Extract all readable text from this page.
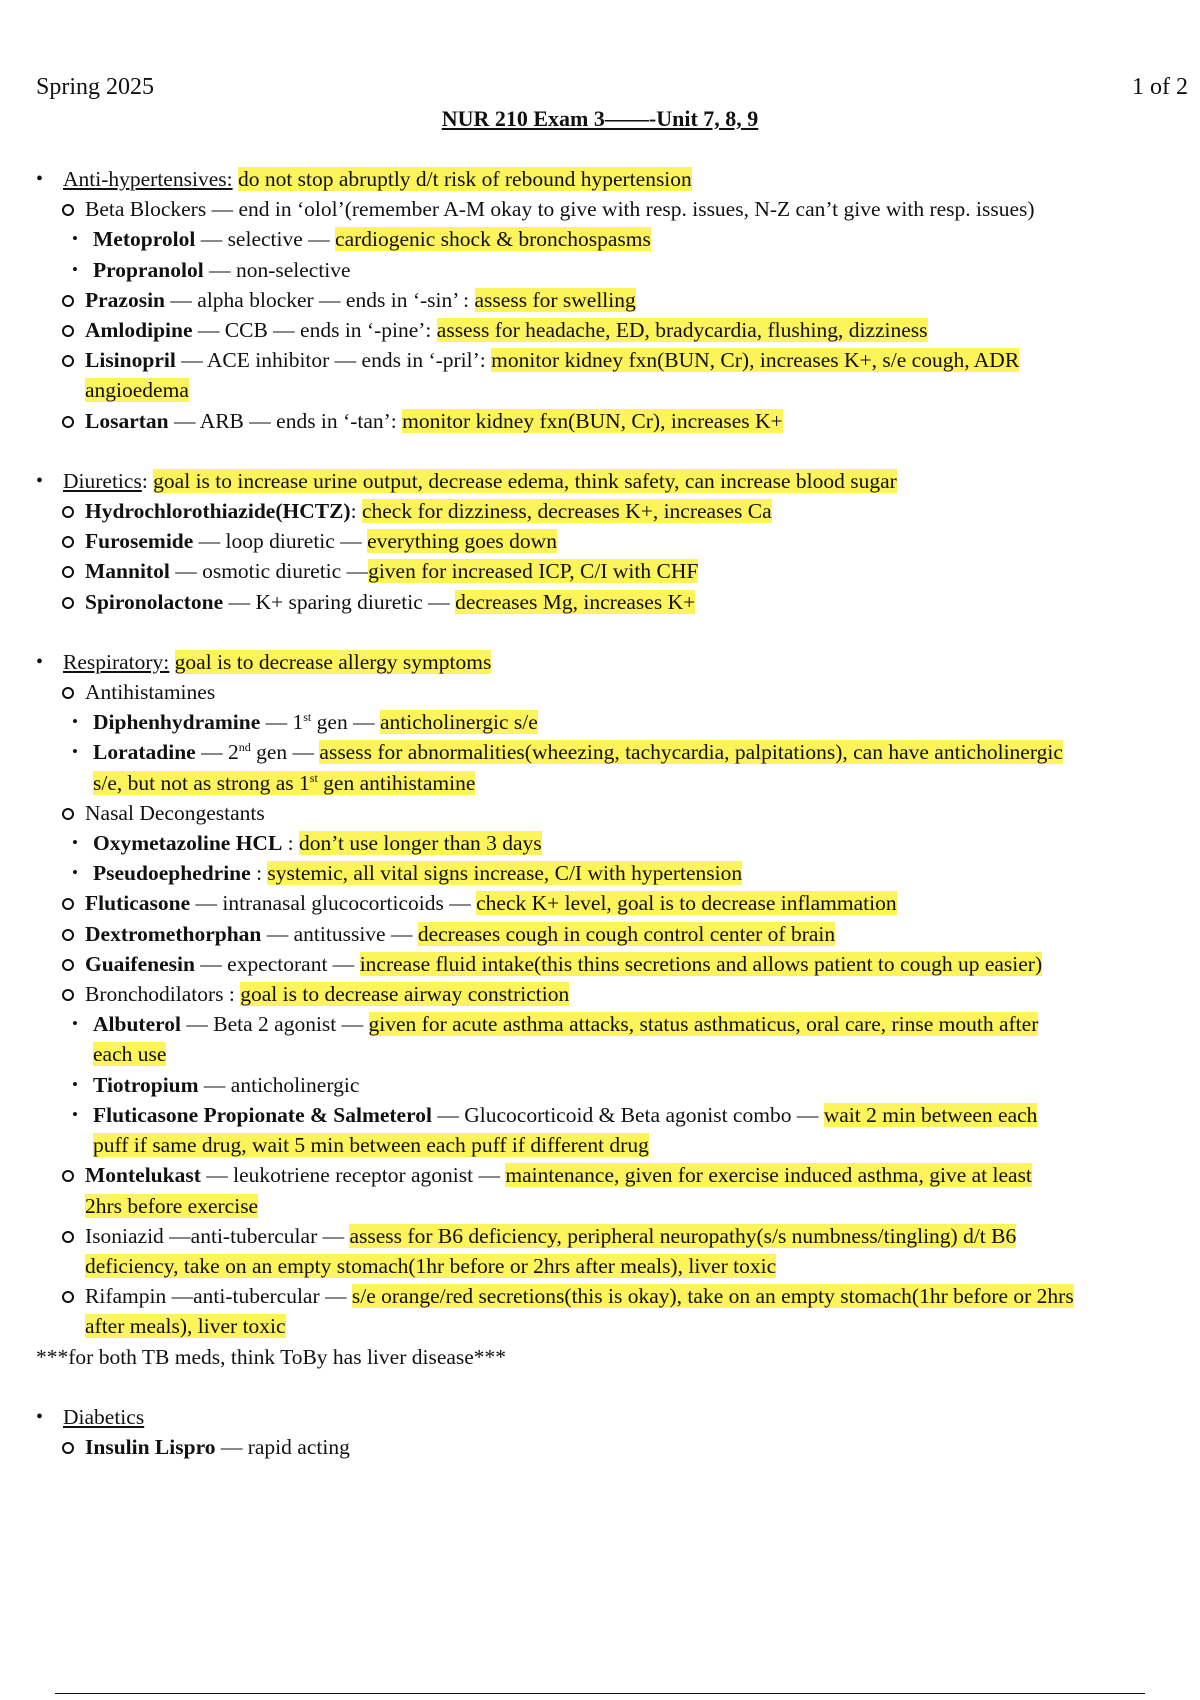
Spring 2025	1 of 2
NUR 210 Exam 3——-Unit 7, 8, 9
• Anti-hypertensives: do not stop abruptly d/t risk of rebound hypertension
Beta Blockers — end in ‘olol’(remember A-M okay to give with resp. issues, N-Z can’t give with resp. issues)
• Metoprolol — selective — cardiogenic shock & bronchospasms
• Propranolol — non-selective
Prazosin — alpha blocker — ends in ‘-sin’ : assess for swelling
Amlodipine — CCB — ends in ‘-pine’: assess for headache, ED, bradycardia, flushing, dizziness
Lisinopril — ACE inhibitor — ends in ‘-pril’: monitor kidney fxn(BUN, Cr), increases K+, s/e cough, ADR
angioedema
Losartan — ARB — ends in ‘-tan’: monitor kidney fxn(BUN, Cr), increases K+
• Diuretics: goal is to increase urine output, decrease edema, think safety, can increase blood sugar
Hydrochlorothiazide(HCTZ): check for dizziness, decreases K+, increases Ca
Furosemide — loop diuretic — everything goes down
Mannitol — osmotic diuretic —given for increased ICP, C/I with CHF
Spironolactone — K+ sparing diuretic — decreases Mg, increases K+
• Respiratory: goal is to decrease allergy symptoms
Antihistamines
• Diphenhydramine — 1st gen — anticholinergic s/e
• Loratadine — 2nd gen — assess for abnormalities(wheezing, tachycardia, palpitations), can have anticholinergic
s/e, but not as strong as 1st gen antihistamine
Nasal Decongestants
• Oxymetazoline HCL : don’t use longer than 3 days
• Pseudoephedrine : systemic, all vital signs increase, C/I with hypertension
Fluticasone — intranasal glucocorticoids — check K+ level, goal is to decrease inflammation
Dextromethorphan — antitussive — decreases cough in cough control center of brain
Guaifenesin — expectorant — increase fluid intake(this thins secretions and allows patient to cough up easier)
Bronchodilators : goal is to decrease airway constriction
• Albuterol — Beta 2 agonist — given for acute asthma attacks, status asthmaticus, oral care, rinse mouth after
each use
• Tiotropium — anticholinergic
• Fluticasone Propionate & Salmeterol — Glucocorticoid & Beta agonist combo — wait 2 min between each
puff if same drug, wait 5 min between each puff if different drug
Montelukast — leukotriene receptor agonist — maintenance, given for exercise induced asthma, give at least
2hrs before exercise
Isoniazid —anti-tubercular — assess for B6 deficiency, peripheral neuropathy(s/s numbness/tingling) d/t B6
deficiency, take on an empty stomach(1hr before or 2hrs after meals), liver toxic
Rifampin —anti-tubercular — s/e orange/red secretions(this is okay), take on an empty stomach(1hr before or 2hrs
after meals), liver toxic
***for both TB meds, think ToBy has liver disease***
• Diabetics
Insulin Lispro — rapid acting
